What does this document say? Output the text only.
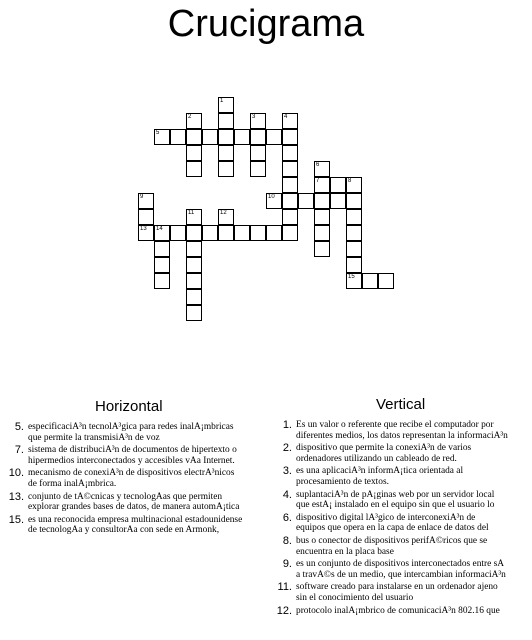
Crucigrama
5
7	8
10
13 14
15
1
2	3	4
6
9
11	12
Horizontal
5. especificaciÃ³n tecnolÃ³gica para redes inalÃ¡mbricas
que permite la transmisiÃ³n de voz
7. sistema de distribuciÃ³n de documentos de hipertexto o
hipermedios interconectados y accesibles vÃa Internet.
10. mecanismo de conexiÃ³n de dispositivos electrÃ³nicos
de forma inalÃ¡mbrica.
13. conjunto de tÃ©cnicas y tecnologÃas que permiten
explorar grandes bases de datos, de manera automÃ¡tica
15. es una reconocida empresa multinacional estadounidense
de tecnologÃa y consultorÃa con sede en Armonk,
Vertical
1. Es un valor o referente que recibe el computador por
diferentes medios, los datos representan la informaciÃ³n
2. dispositivo que permite la conexiÃ³n de varios
ordenadores utilizando un cableado de red.
3. es una aplicaciÃ³n informÃ¡tica orientada al
procesamiento de textos.
4. suplantaciÃ³n de pÃ¡ginas web por un servidor local
que estÃ¡ instalado en el equipo sin que el usuario lo
6. dispositivo digital lÃ³gico de interconexiÃ³n de
equipos que opera en la capa de enlace de datos del
8. bus o conector de dispositivos perifÃ©ricos que se
encuentra en la placa base
9. es un conjunto de dispositivos interconectados entre sÃ
a travÃ©s de un medio, que intercambian informaciÃ³n
11. software creado para instalarse en un ordenador ajeno
sin el conocimiento del usuario
12. protocolo inalÃ¡mbrico de comunicaciÃ³n 802.16 que
